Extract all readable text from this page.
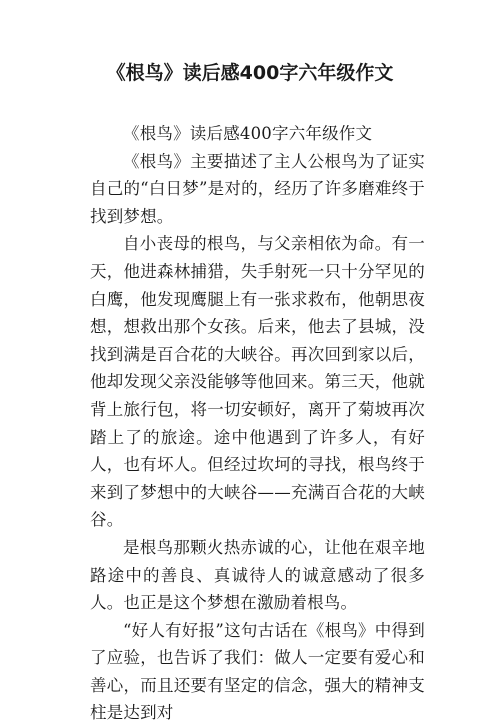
《根鸟》读后感400字六年级作文

《根鸟》读后感400字六年级作文

《根鸟》主要描述了主人公根鸟为了证实自己的“白日梦”是对的，经历了许多磨难终于找到梦想。

自小丧母的根鸟，与父亲相依为命。有一天，他进森林捕猎，失手射死一只十分罕见的白鹰，他发现鹰腿上有一张求救布，他朝思夜想，想救出那个女孩。后来，他去了县城，没找到满是百合花的大峡谷。再次回到家以后，他却发现父亲没能够等他回来。第三天，他就背上旅行包，将一切安顿好，离开了菊坡再次踏上了的旅途。途中他遇到了许多人，有好人，也有坏人。但经过坎坷的寻找，根鸟终于来到了梦想中的大峡谷——充满百合花的大峡谷。

是根鸟那颗火热赤诚的心，让他在艰辛地路途中的善良、真诚待人的诚意感动了很多人。也正是这个梦想在激励着根鸟。

“好人有好报”这句古话在《根鸟》中得到了应验，也告诉了我们：做人一定要有爱心和善心，而且还要有坚定的信念，强大的精神支柱是达到对
